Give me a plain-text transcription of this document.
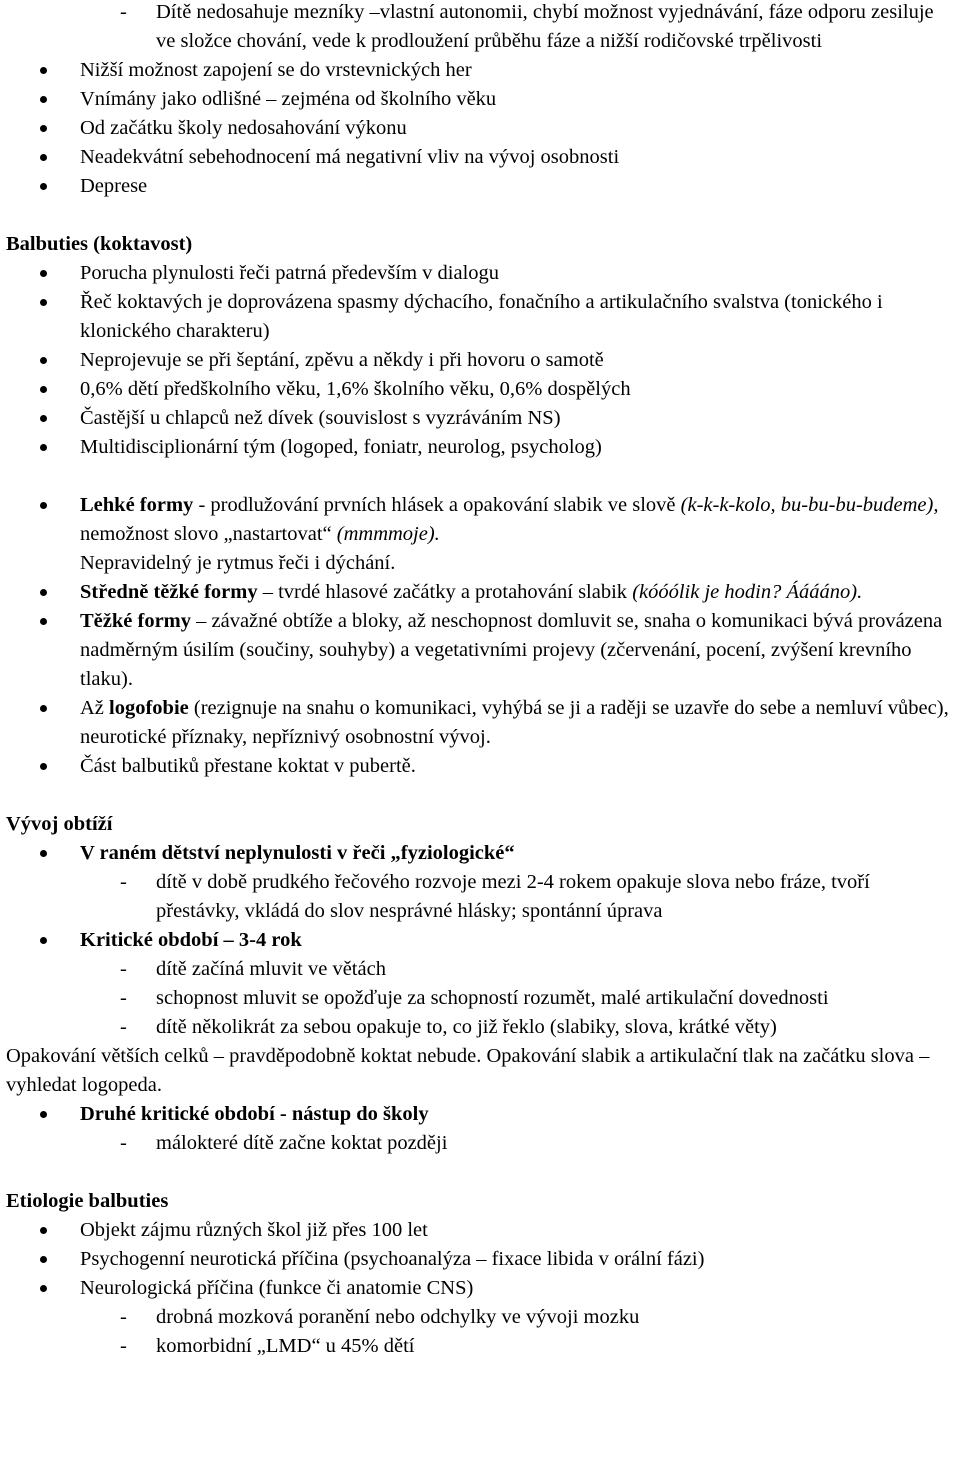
- Dítě nedosahuje mezníky –vlastní autonomii, chybí možnost vyjednávání, fáze odporu zesiluje ve složce chování, vede k prodloužení průběhu fáze a nižší rodičovské trpělivosti
Nižší možnost zapojení se do vrstevnických her
Vnímány jako odlišné – zejména od školního věku
Od začátku školy nedosahování výkonu
Neadekvátní sebehodnocení má negativní vliv na vývoj osobnosti
Deprese
Balbuties (koktavost)
Porucha plynulosti řeči patrná především v dialogu
Řeč koktavých je doprovázena spasmy dýchacího, fonačního a artikulačního svalstva (tonického i klonického charakteru)
Neprojevuje se při šeptání, zpěvu a někdy i při hovoru o samotě
0,6% dětí předškolního věku, 1,6% školního věku, 0,6% dospělých
Častější u chlapců než dívek (souvislost s vyzráváním NS)
Multidisciplionární tým (logoped, foniatr, neurolog, psycholog)
Lehké formy - prodlužování prvních hlásek a opakování slabik ve slově (k-k-k-kolo, bu-bu-bu-budeme), nemožnost slovo „nastartovat“ (mmmmoje).
Nepravidelný je rytmus řeči i dýchání.
Středně těžké formy – tvrdé hlasové začátky a protahování slabik (kóóólik je hodin? Ááááno).
Těžké formy – závažné obtíže a bloky, až neschopnost domluvit se, snaha o komunikaci bývá provázena nadměrným úsilím (součiny, souhyby) a vegetativními projevy (zčervenání, pocení, zvýšení krevního tlaku).
Až logofobie (rezignuje na snahu o komunikaci, vyhýbá se ji a raději se uzavře do sebe a nemluví vůbec), neurotické příznaky, nepříznivý osobnostní vývoj.
Část balbutiků přestane koktat v pubertě.
Vývoj obtíží
V raném dětství neplynulosti v řeči „fyziologické“
- dítě v době prudkého řečového rozvoje mezi 2-4 rokem opakuje slova nebo fráze, tvoří přestávky, vkládá do slov nesprávné hlásky; spontánní úprava
Kritické období – 3-4 rok
- dítě začíná mluvit ve větách
- schopnost mluvit se opožďuje za schopností rozumět, malé artikulační dovednosti
- dítě několikrát za sebou opakuje to, co již řeklo (slabiky, slova, krátké věty)
Opakování větších celků – pravděpodobně koktat nebude. Opakování slabik a artikulační tlak na začátku slova – vyhledat logopeda.
Druhé kritické období - nástup do školy
- málokteré dítě začne koktat později
Etiologie balbuties
Objekt zájmu různých škol již přes 100 let
Psychogenní neurotická příčina (psychoanalýza – fixace libida v orální fázi)
Neurologická příčina (funkce či anatomie CNS)
- drobná mozková poranění nebo odchylky ve vývoji mozku
- komorbidní „LMD“ u 45% dětí
